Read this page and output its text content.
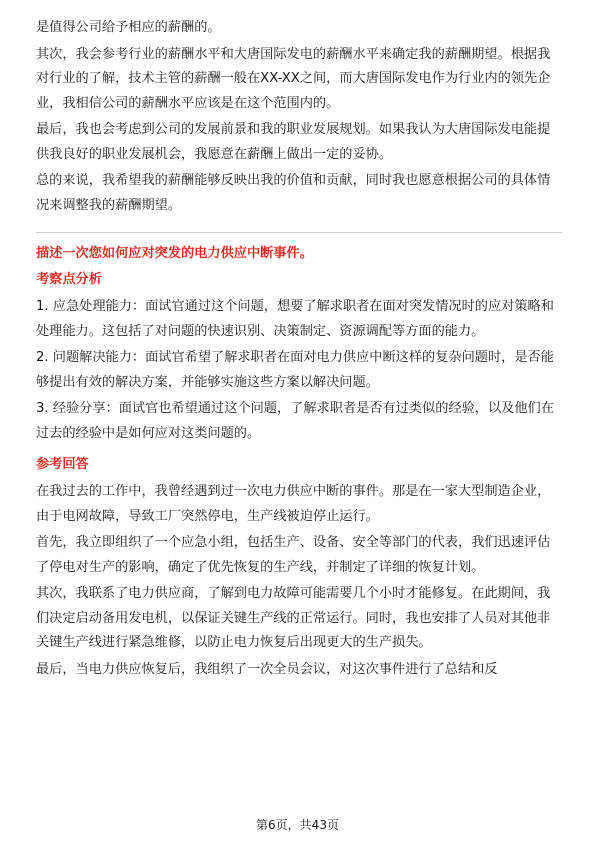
是值得公司给予相应的薪酬的。

其次，我会参考行业的薪酬水平和大唐国际发电的薪酬水平来确定我的薪酬期望。根据我对行业的了解，技术主管的薪酬一般在XX-XX之间，而大唐国际发电作为行业内的领先企业，我相信公司的薪酬水平应该是在这个范围内的。

最后，我也会考虑到公司的发展前景和我的职业发展规划。如果我认为大唐国际发电能提供我良好的职业发展机会，我愿意在薪酬上做出一定的妥协。

总的来说，我希望我的薪酬能够反映出我的价值和贡献，同时我也愿意根据公司的具体情况来调整我的薪酬期望。

描述一次您如何应对突发的电力供应中断事件。
考察点分析

1. 应急处理能力：面试官通过这个问题，想要了解求职者在面对突发情况时的应对策略和处理能力。这包括了对问题的快速识别、决策制定、资源调配等方面的能力。

2. 问题解决能力：面试官希望了解求职者在面对电力供应中断这样的复杂问题时，是否能够提出有效的解决方案，并能够实施这些方案以解决问题。

3. 经验分享：面试官也希望通过这个问题，了解求职者是否有过类似的经验，以及他们在过去的经验中是如何应对这类问题的。

参考回答

在我过去的工作中，我曾经遇到过一次电力供应中断的事件。那是在一家大型制造企业，由于电网故障，导致工厂突然停电，生产线被迫停止运行。

首先，我立即组织了一个应急小组，包括生产、设备、安全等部门的代表，我们迅速评估了停电对生产的影响，确定了优先恢复的生产线，并制定了详细的恢复计划。

其次，我联系了电力供应商，了解到电力故障可能需要几个小时才能修复。在此期间，我们决定启动备用发电机，以保证关键生产线的正常运行。同时，我也安排了人员对其他非关键生产线进行紧急维修，以防止电力恢复后出现更大的生产损失。

最后，当电力供应恢复后，我组织了一次全员会议，对这次事件进行了总结和反

第6页，共43页
